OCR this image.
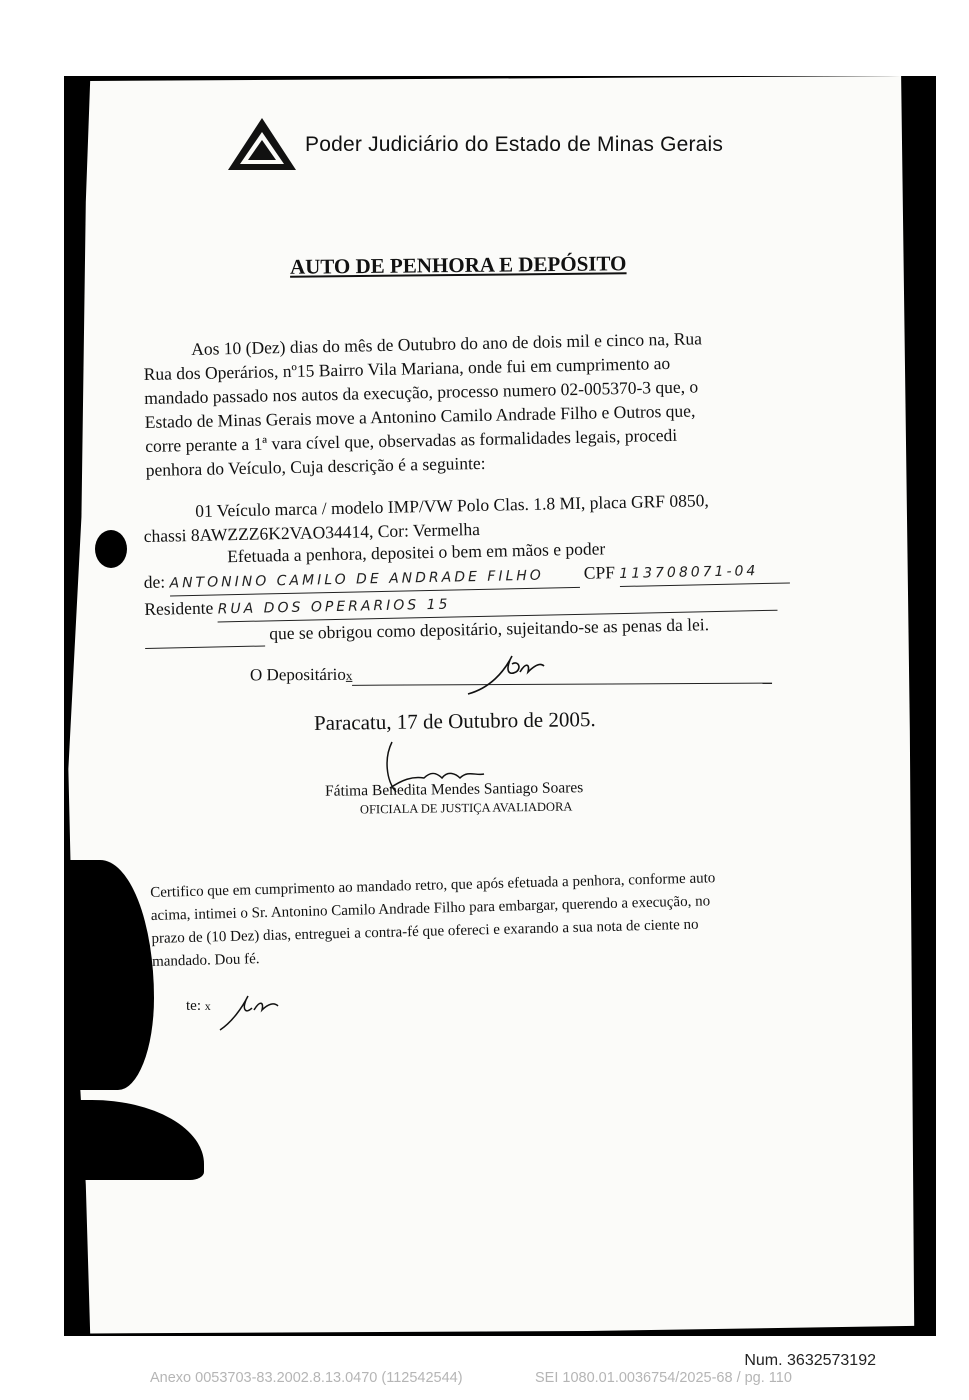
Poder Judiciário do Estado de Minas Gerais
AUTO DE PENHORA E DEPÓSITO
Aos 10 (Dez) dias do mês de Outubro do ano de dois mil e cinco na, Rua
Rua dos Operários, nº15 Bairro Vila Mariana, onde fui em cumprimento ao
mandado passado nos autos da execução, processo numero 02-005370-3 que, o
Estado de Minas Gerais move a Antonino Camilo Andrade Filho e Outros que,
corre perante a 1ª vara cível que, observadas as formalidades legais, procedi
penhora do Veículo, Cuja descrição é a seguinte:
01 Veículo marca / modelo IMP/VW Polo Clas. 1.8 MI, placa GRF 0850,
chassi 8AWZZZ6K2VAO34414, Cor: Vermelha
Efetuada a penhora, depositei o bem em mãos e poder
de: ANTONINO CAMILO DE ANDRADE FILHO CPF 113708071-04
Residente RUA DOS OPERARIOS 15
que se obrigou como depositário, sujeitando-se as penas da lei.
O Depositáriox
Paracatu, 17 de Outubro de 2005.
Fátima Benedita Mendes Santiago Soares
OFICIALA DE JUSTIÇA AVALIADORA
Certifico que em cumprimento ao mandado retro, que após efetuada a penhora, conforme auto
acima, intimei o Sr. Antonino Camilo Andrade Filho para embargar, querendo a execução, no
prazo de (10 Dez) dias, entreguei a contra-fé que ofereci e exarando a sua nota de ciente no
mandado. Dou fé.
te: x
Num. 3632573192
Anexo 0053703-83.2002.8.13.0470 (112542544)	SEI 1080.01.0036754/2025-68 / pg. 110
